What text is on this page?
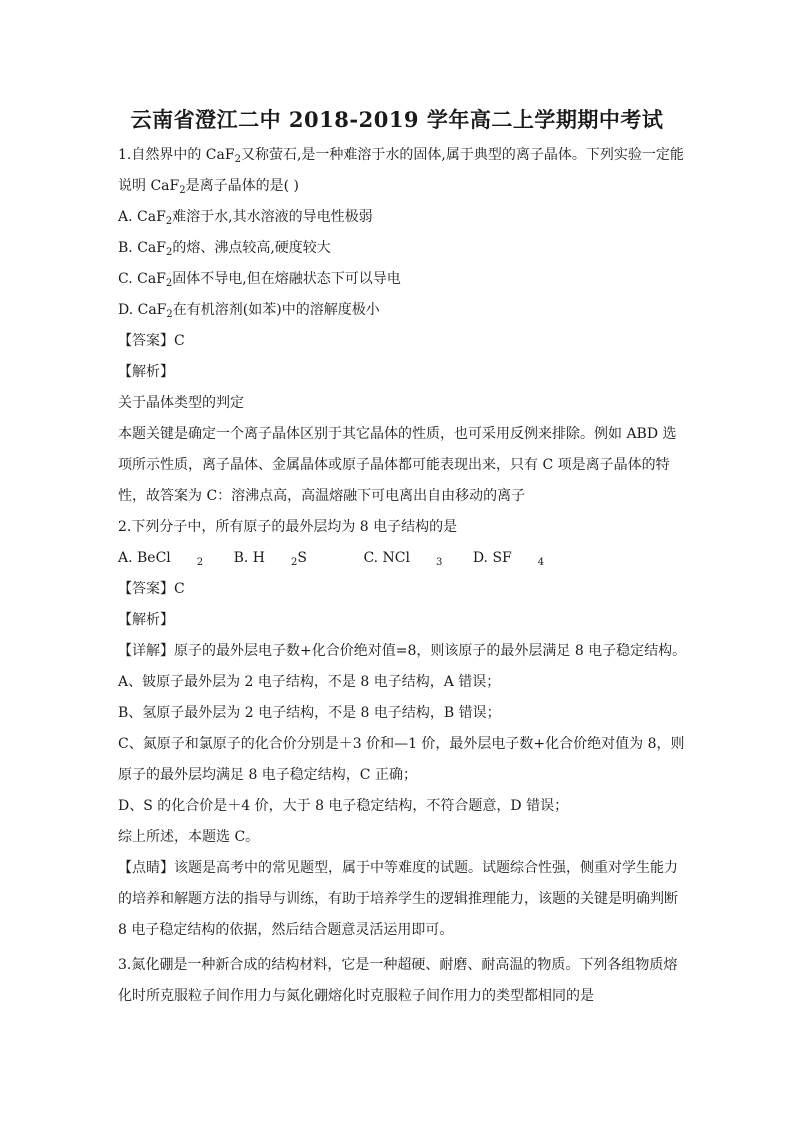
云南省澄江二中 2018-2019 学年高二上学期期中考试
1.自然界中的 CaF$_2$又称萤石,是一种难溶于水的固体,属于典型的离子晶体。下列实验一定能
说明 CaF$_2$是离子晶体的是( )
A. CaF$_2$难溶于水,其水溶液的导电性极弱
B. CaF$_2$的熔、沸点较高,硬度较大
C. CaF$_2$固体不导电,但在熔融状态下可以导电
D. CaF$_2$在有机溶剂(如苯)中的溶解度极小
【答案】C
【解析】
关于晶体类型的判定
本题关键是确定一个离子晶体区别于其它晶体的性质，也可采用反例来排除。例如 ABD 选
项所示性质，离子晶体、金属晶体或原子晶体都可能表现出来，只有 C 项是离子晶体的特
性，故答案为 C：溶沸点高，高温熔融下可电离出自由移动的离子
2.下列分子中，所有原子的最外层均为 8 电子结构的是
A. BeCl	$_2$ B. H	$_2$S	C. NCl	$_3$ D. SF	$_4$
【答案】C
【解析】
【详解】原子的最外层电子数+化合价绝对值=8，则该原子的最外层满足 8 电子稳定结构。
A、铍原子最外层为 2 电子结构，不是 8 电子结构，A 错误；
B、氢原子最外层为 2 电子结构，不是 8 电子结构，B 错误；
C、氮原子和氯原子的化合价分别是＋3 价和—1 价，最外层电子数+化合价绝对值为 8，则
原子的最外层均满足 8 电子稳定结构，C 正确；
D、S 的化合价是＋4 价，大于 8 电子稳定结构，不符合题意，D 错误；
综上所述，本题选 C。
【点睛】该题是高考中的常见题型，属于中等难度的试题。试题综合性强，侧重对学生能力
的培养和解题方法的指导与训练，有助于培养学生的逻辑推理能力，该题的关键是明确判断
8 电子稳定结构的依据，然后结合题意灵活运用即可。
3.氮化硼是一种新合成的结构材料，它是一种超硬、耐磨、耐高温的物质。下列各组物质熔
化时所克服粒子间作用力与氮化硼熔化时克服粒子间作用力的类型都相同的是
